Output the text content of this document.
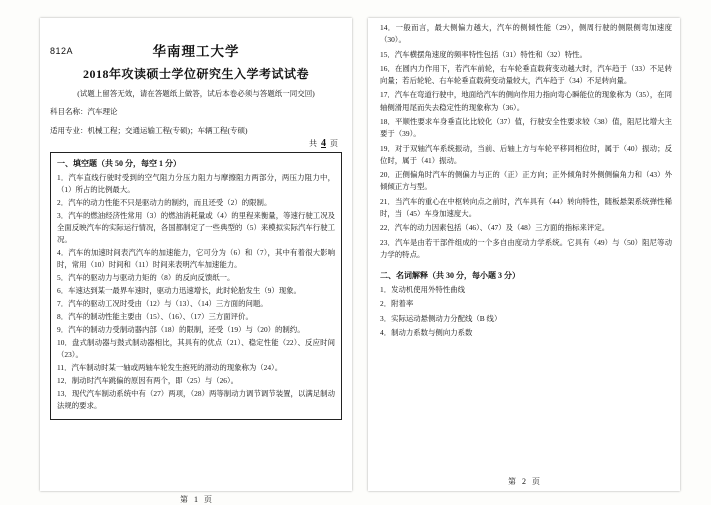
812A	华南理工大学
2018年攻读硕士学位研究生入学考试试卷
(试题上留答无效，请在答题纸上做答，试后本卷必须与答题纸一同交回)
科目名称：汽车理论
适用专业：机械工程；交通运输工程(专硕)；车辆工程(专硕)
共 4 页
一、填空题（共 50 分，每空 1 分）
1．汽车直线行驶时受到的空气阻力分压力阻力与摩擦阻力两部分，两压力阻力中，（1）所占的比例最大。
2．汽车的动力性能不只是驱动力的制约，而且还受（2）的限制。
3．汽车的燃油经济性常用（3）的燃油消耗量或（4）的里程来衡量，等速行驶工况及全面反映汽车的实际运行情况，各国都制定了一些典型的（5）来模拟实际汽车行驶工况。
4．汽车的加速时间表汽汽车的加速能力，它可分为（6）和（7），其中有着很大影响时，常用（10）时间和（11）时间来表明汽车加速能力。
5．汽车的驱动力与驱动力矩的（8）的反向反馈纸一。
6．车速达到某一最界车速时，驱动力迅速增长，此时轮胎发生（9）现象。
7．汽车的驱动工况时受由（12）与（13）、（14）三方面的问题。
8．汽车的制动性能主要由（15）、（16）、（17）三方面评价。
9．汽车的制动力受制动器内部（18）的限制，还受（19）与（20）的制约。
10．盘式制动器与鼓式制动器相比，其具有的优点（21）、稳定性能（22）、反应时间（23）。
11．汽车制动时某一轴或两轴车轮发生抱死的滑动的现象称为（24）。
12．制动时汽车跳偏的原因有两个，即（25）与（26）。
13．现代汽车制动系统中有（27）两项，（28）两等制动力调节调节装置，以满足制动法规的要求。
第 1 页
14．一般而言，最大侧偏力越大，汽车的侧倾性能（29），侧周行驶的侧限侧弯加速度（30）。
15．汽车横摆角速度的频率特性包括（31）特性和（32）特性。
16．在圆内力作用下，若汽车前轮，右车轮垂直载荷变动越大时，汽车趋于（33）不足转向量；若后轮轮、右车轮垂直载荷变动量较大，汽车趋于（34）不足转向量。
17．汽车在弯道行驶中，地面给汽车的侧向作用力指向弯心瞬能位的现象称为（35），在同轴侧滑甩尾而失去稳定性的现象称为（36）。
18．平顺性要求车身垂直比比较化（37）值，行驶安全性要求较（38）值，阻尼比增大主要于（39）。
19．对于双轴汽车系统振动，当前、后轴上方与车轮平移同相位时，属于（40）振动；反位时，属于（41）振动。
20．正侧偏角时汽车的侧偏力与正的（正）正方向；正外倾角时外侧侧偏角力和（43）外倾倾正方与型。
21．当汽车的重心在中枢转向点之前时，汽车具有（44）转向特性，随板悬架系统弹性稀时，当（45）车身加速度大。
22．汽车的动力因素包括（46）、（47）及（48）三方面的指标来评定。
23．汽车是由若干部件组成的一个多自由度动力学系统。它具有（49）与（50）阻尼等动力学的特点。
二、名词解释（共 30 分，每小题 3 分）
1．发动机使用外特性曲线
2．附着率
3．实际运动悬侧动力分配线（B 线）
4．制动力系数与侧向力系数
第 2 页
